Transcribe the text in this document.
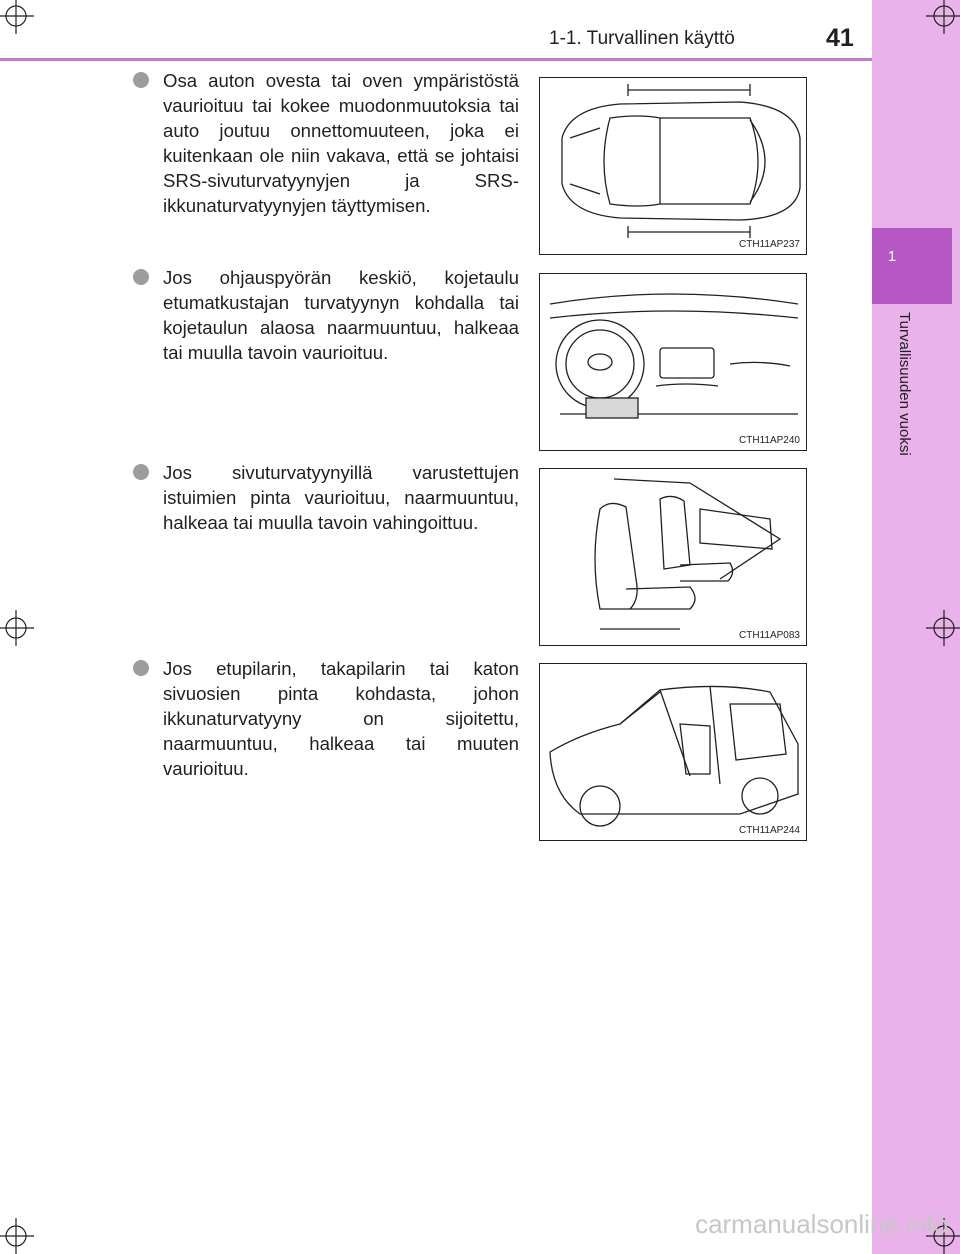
1
Turvallisuuden vuoksi
1-1. Turvallinen käyttö	41
Osa auton ovesta tai oven ympäristöstä vaurioituu tai kokee muodonmuutoksia tai auto joutuu onnettomuuteen, joka ei kuitenkaan ole niin vakava, että se johtaisi SRS-sivuturvatyynyjen ja SRS-ikkunaturvatyynyjen täyttymisen.
CTH11AP237
Jos ohjauspyörän keskiö, kojetaulu etumatkustajan turvatyynyn kohdalla tai kojetaulun alaosa naarmuuntuu, halkeaa tai muulla tavoin vaurioituu.
CTH11AP240
Jos sivuturvatyynyillä varustettujen istuimien pinta vaurioituu, naarmuuntuu, halkeaa tai muulla tavoin vahingoittuu.
CTH11AP083
Jos etupilarin, takapilarin tai katon sivuosien pinta kohdasta, johon ikkunaturvatyyny on sijoitettu, naarmuuntuu, halkeaa tai muuten vaurioituu.
CTH11AP244
carmanualsonline.info
